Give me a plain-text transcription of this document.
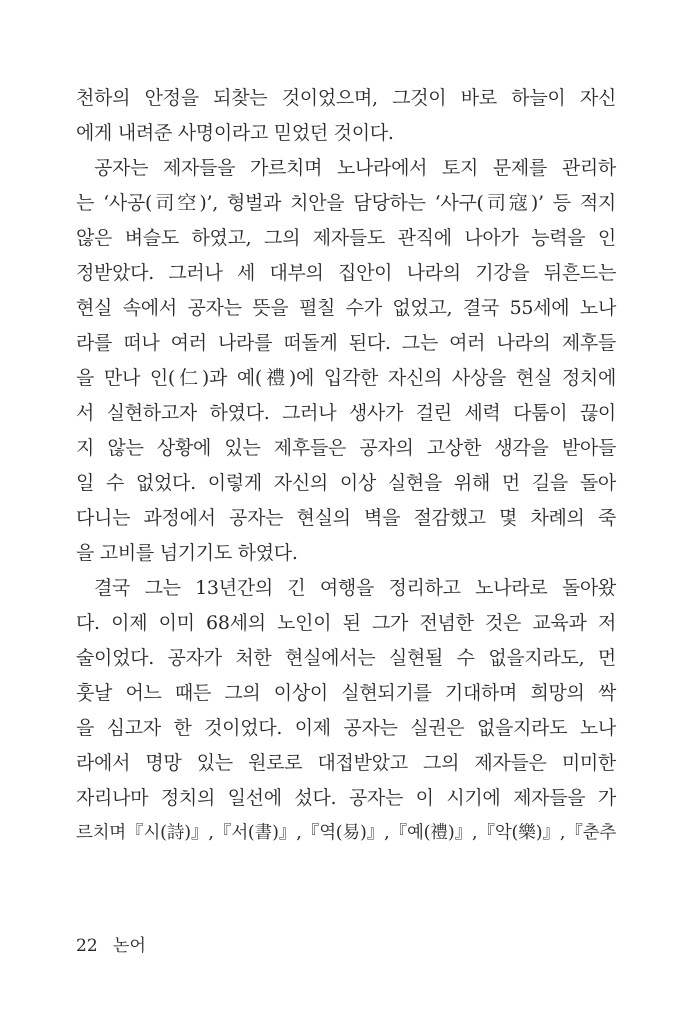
천하의 안정을 되찾는 것이었으며, 그것이 바로 하늘이 자신
에게 내려준 사명이라고 믿었던 것이다.
공자는 제자들을 가르치며 노나라에서 토지 문제를 관리하
는 ‘사공(司空)’, 형벌과 치안을 담당하는 ‘사구(司寇)’ 등 적지
않은 벼슬도 하였고, 그의 제자들도 관직에 나아가 능력을 인
정받았다. 그러나 세 대부의 집안이 나라의 기강을 뒤흔드는
현실 속에서 공자는 뜻을 펼칠 수가 없었고, 결국 55세에 노나
라를 떠나 여러 나라를 떠돌게 된다. 그는 여러 나라의 제후들
을 만나 인(仁)과 예(禮)에 입각한 자신의 사상을 현실 정치에
서 실현하고자 하였다. 그러나 생사가 걸린 세력 다툼이 끊이
지 않는 상황에 있는 제후들은 공자의 고상한 생각을 받아들
일 수 없었다. 이렇게 자신의 이상 실현을 위해 먼 길을 돌아
다니는 과정에서 공자는 현실의 벽을 절감했고 몇 차례의 죽
을 고비를 넘기기도 하였다.
결국 그는 13년간의 긴 여행을 정리하고 노나라로 돌아왔
다. 이제 이미 68세의 노인이 된 그가 전념한 것은 교육과 저
술이었다. 공자가 처한 현실에서는 실현될 수 없을지라도, 먼
훗날 어느 때든 그의 이상이 실현되기를 기대하며 희망의 싹
을 심고자 한 것이었다. 이제 공자는 실권은 없을지라도 노나
라에서 명망 있는 원로로 대접받았고 그의 제자들은 미미한
자리나마 정치의 일선에 섰다. 공자는 이 시기에 제자들을 가
르치며『시(詩)』,『서(書)』,『역(易)』,『예(禮)』,『악(樂)』,『춘추
22 논어
